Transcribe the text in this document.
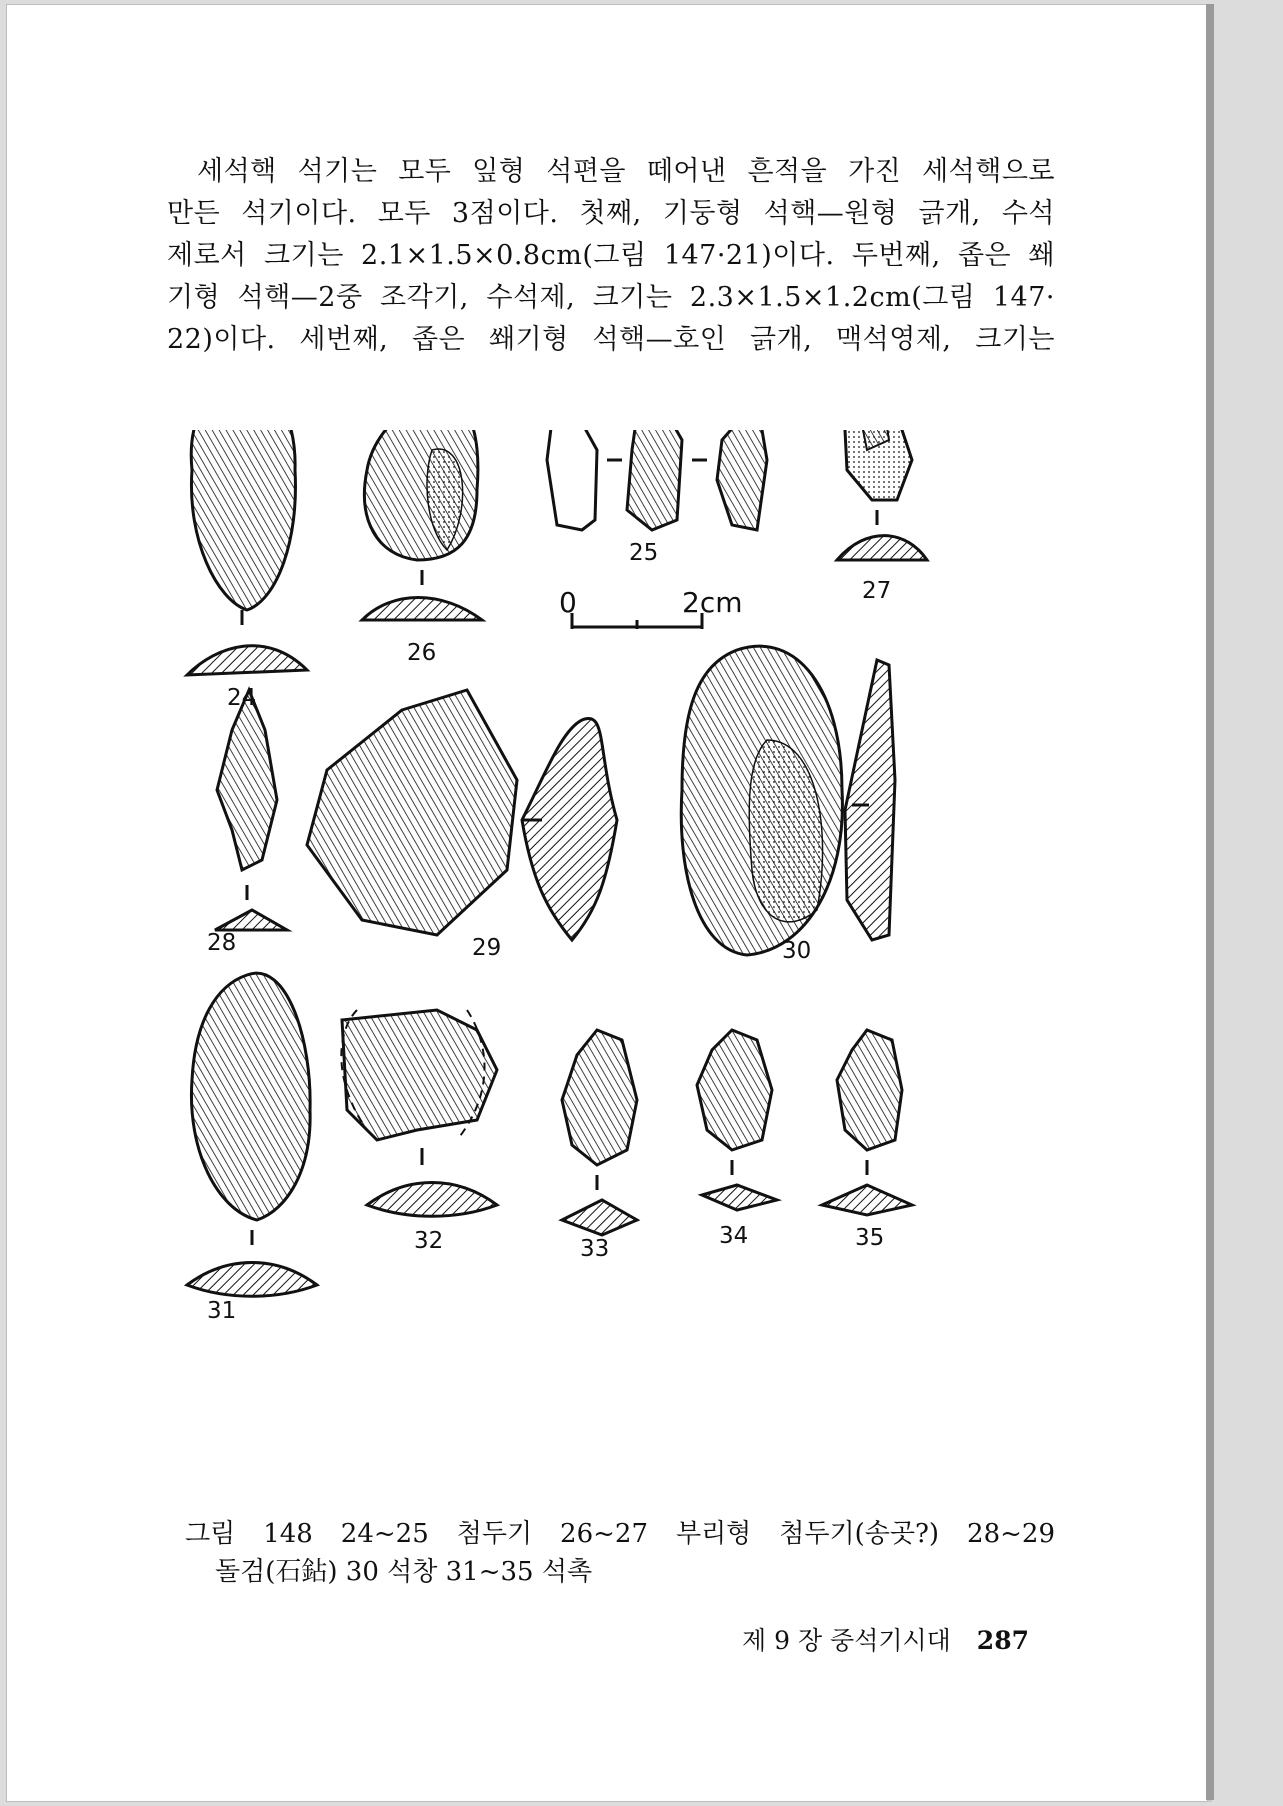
세석핵 석기는 모두 잎형 석편을 떼어낸 흔적을 가진 세석핵으로
만든 석기이다. 모두 3점이다. 첫째, 기둥형 석핵—원형 긁개, 수석
제로서 크기는 2.1×1.5×0.8cm(그림 147·21)이다. 두번째, 좁은 쐐
기형 석핵—2중 조각기, 수석제, 크기는 2.3×1.5×1.2cm(그림 147·
22)이다. 세번째, 좁은 쐐기형 석핵—호인 긁개, 맥석영제, 크기는
24
25
26
27
28	29	30
31
32	33	34	35
0	2cm
그림 148 24~25 첨두기 26~27 부리형 첨두기(송곳?) 28~29
돌검(石鉆) 30 석창 31~35 석촉
제 9 장 중석기시대 287
